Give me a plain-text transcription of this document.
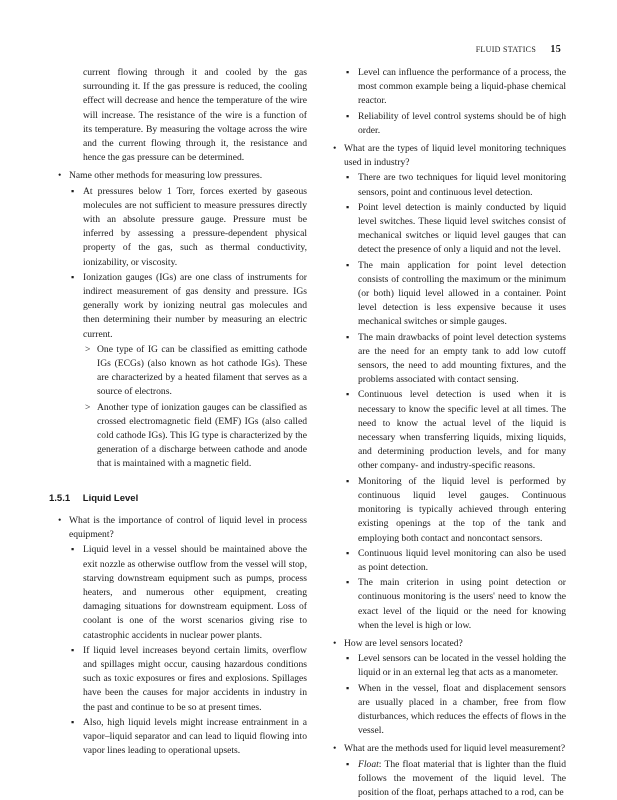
FLUID STATICS 15

current flowing through it and cooled by the gas surrounding it. If the gas pressure is reduced, the cooling effect will decrease and hence the temperature of the wire will increase. The resistance of the wire is a function of its temperature. By measuring the voltage across the wire and the current flowing through it, the resistance and hence the gas pressure can be determined.

• Name other methods for measuring low pressures.

▪ At pressures below 1 Torr, forces exerted by gaseous molecules are not sufficient to measure pressures directly with an absolute pressure gauge. Pressure must be inferred by assessing a pressure-dependent physical property of the gas, such as thermal conductivity, ionizability, or viscosity.

▪ Ionization gauges (IGs) are one class of instruments for indirect measurement of gas density and pressure. IGs generally work by ionizing neutral gas molecules and then determining their number by measuring an electric current.

> One type of IG can be classified as emitting cathode IGs (ECGs) (also known as hot cathode IGs). These are characterized by a heated filament that serves as a source of electrons.

> Another type of ionization gauges can be classified as crossed electromagnetic field (EMF) IGs (also called cold cathode IGs). This IG type is characterized by the generation of a discharge between cathode and anode that is maintained with a magnetic field.

1.5.1 Liquid Level

• What is the importance of control of liquid level in process equipment?

▪ Liquid level in a vessel should be maintained above the exit nozzle as otherwise outflow from the vessel will stop, starving downstream equipment such as pumps, process heaters, and numerous other equipment, creating damaging situations for downstream equipment. Loss of coolant is one of the worst scenarios giving rise to catastrophic accidents in nuclear power plants.

▪ If liquid level increases beyond certain limits, overflow and spillages might occur, causing hazardous conditions such as toxic exposures or fires and explosions. Spillages have been the causes for major accidents in industry in the past and continue to be so at present times.

▪ Also, high liquid levels might increase entrainment in a vapor–liquid separator and can lead to liquid flowing into vapor lines leading to operational upsets.

▪ Level can influence the performance of a process, the most common example being a liquid-phase chemical reactor.

▪ Reliability of level control systems should be of high order.

• What are the types of liquid level monitoring techniques used in industry?

▪ There are two techniques for liquid level monitoring sensors, point and continuous level detection.

▪ Point level detection is mainly conducted by liquid level switches. These liquid level switches consist of mechanical switches or liquid level gauges that can detect the presence of only a liquid and not the level.

▪ The main application for point level detection consists of controlling the maximum or the minimum (or both) liquid level allowed in a container. Point level detection is less expensive because it uses mechanical switches or simple gauges.

▪ The main drawbacks of point level detection systems are the need for an empty tank to add low cutoff sensors, the need to add mounting fixtures, and the problems associated with contact sensing.

▪ Continuous level detection is used when it is necessary to know the specific level at all times. The need to know the actual level of the liquid is necessary when transferring liquids, mixing liquids, and determining production levels, and for many other company- and industry-specific reasons.

▪ Monitoring of the liquid level is performed by continuous liquid level gauges. Continuous monitoring is typically achieved through entering existing openings at the top of the tank and employing both contact and noncontact sensors.

▪ Continuous liquid level monitoring can also be used as point detection.

▪ The main criterion in using point detection or continuous monitoring is the users' need to know the exact level of the liquid or the need for knowing when the level is high or low.

• How are level sensors located?

▪ Level sensors can be located in the vessel holding the liquid or in an external leg that acts as a manometer.

▪ When in the vessel, float and displacement sensors are usually placed in a chamber, free from flow disturbances, which reduces the effects of flows in the vessel.

• What are the methods used for liquid level measurement?

▪ Float: The float material that is lighter than the fluid follows the movement of the liquid level. The position of the float, perhaps attached to a rod, can be
